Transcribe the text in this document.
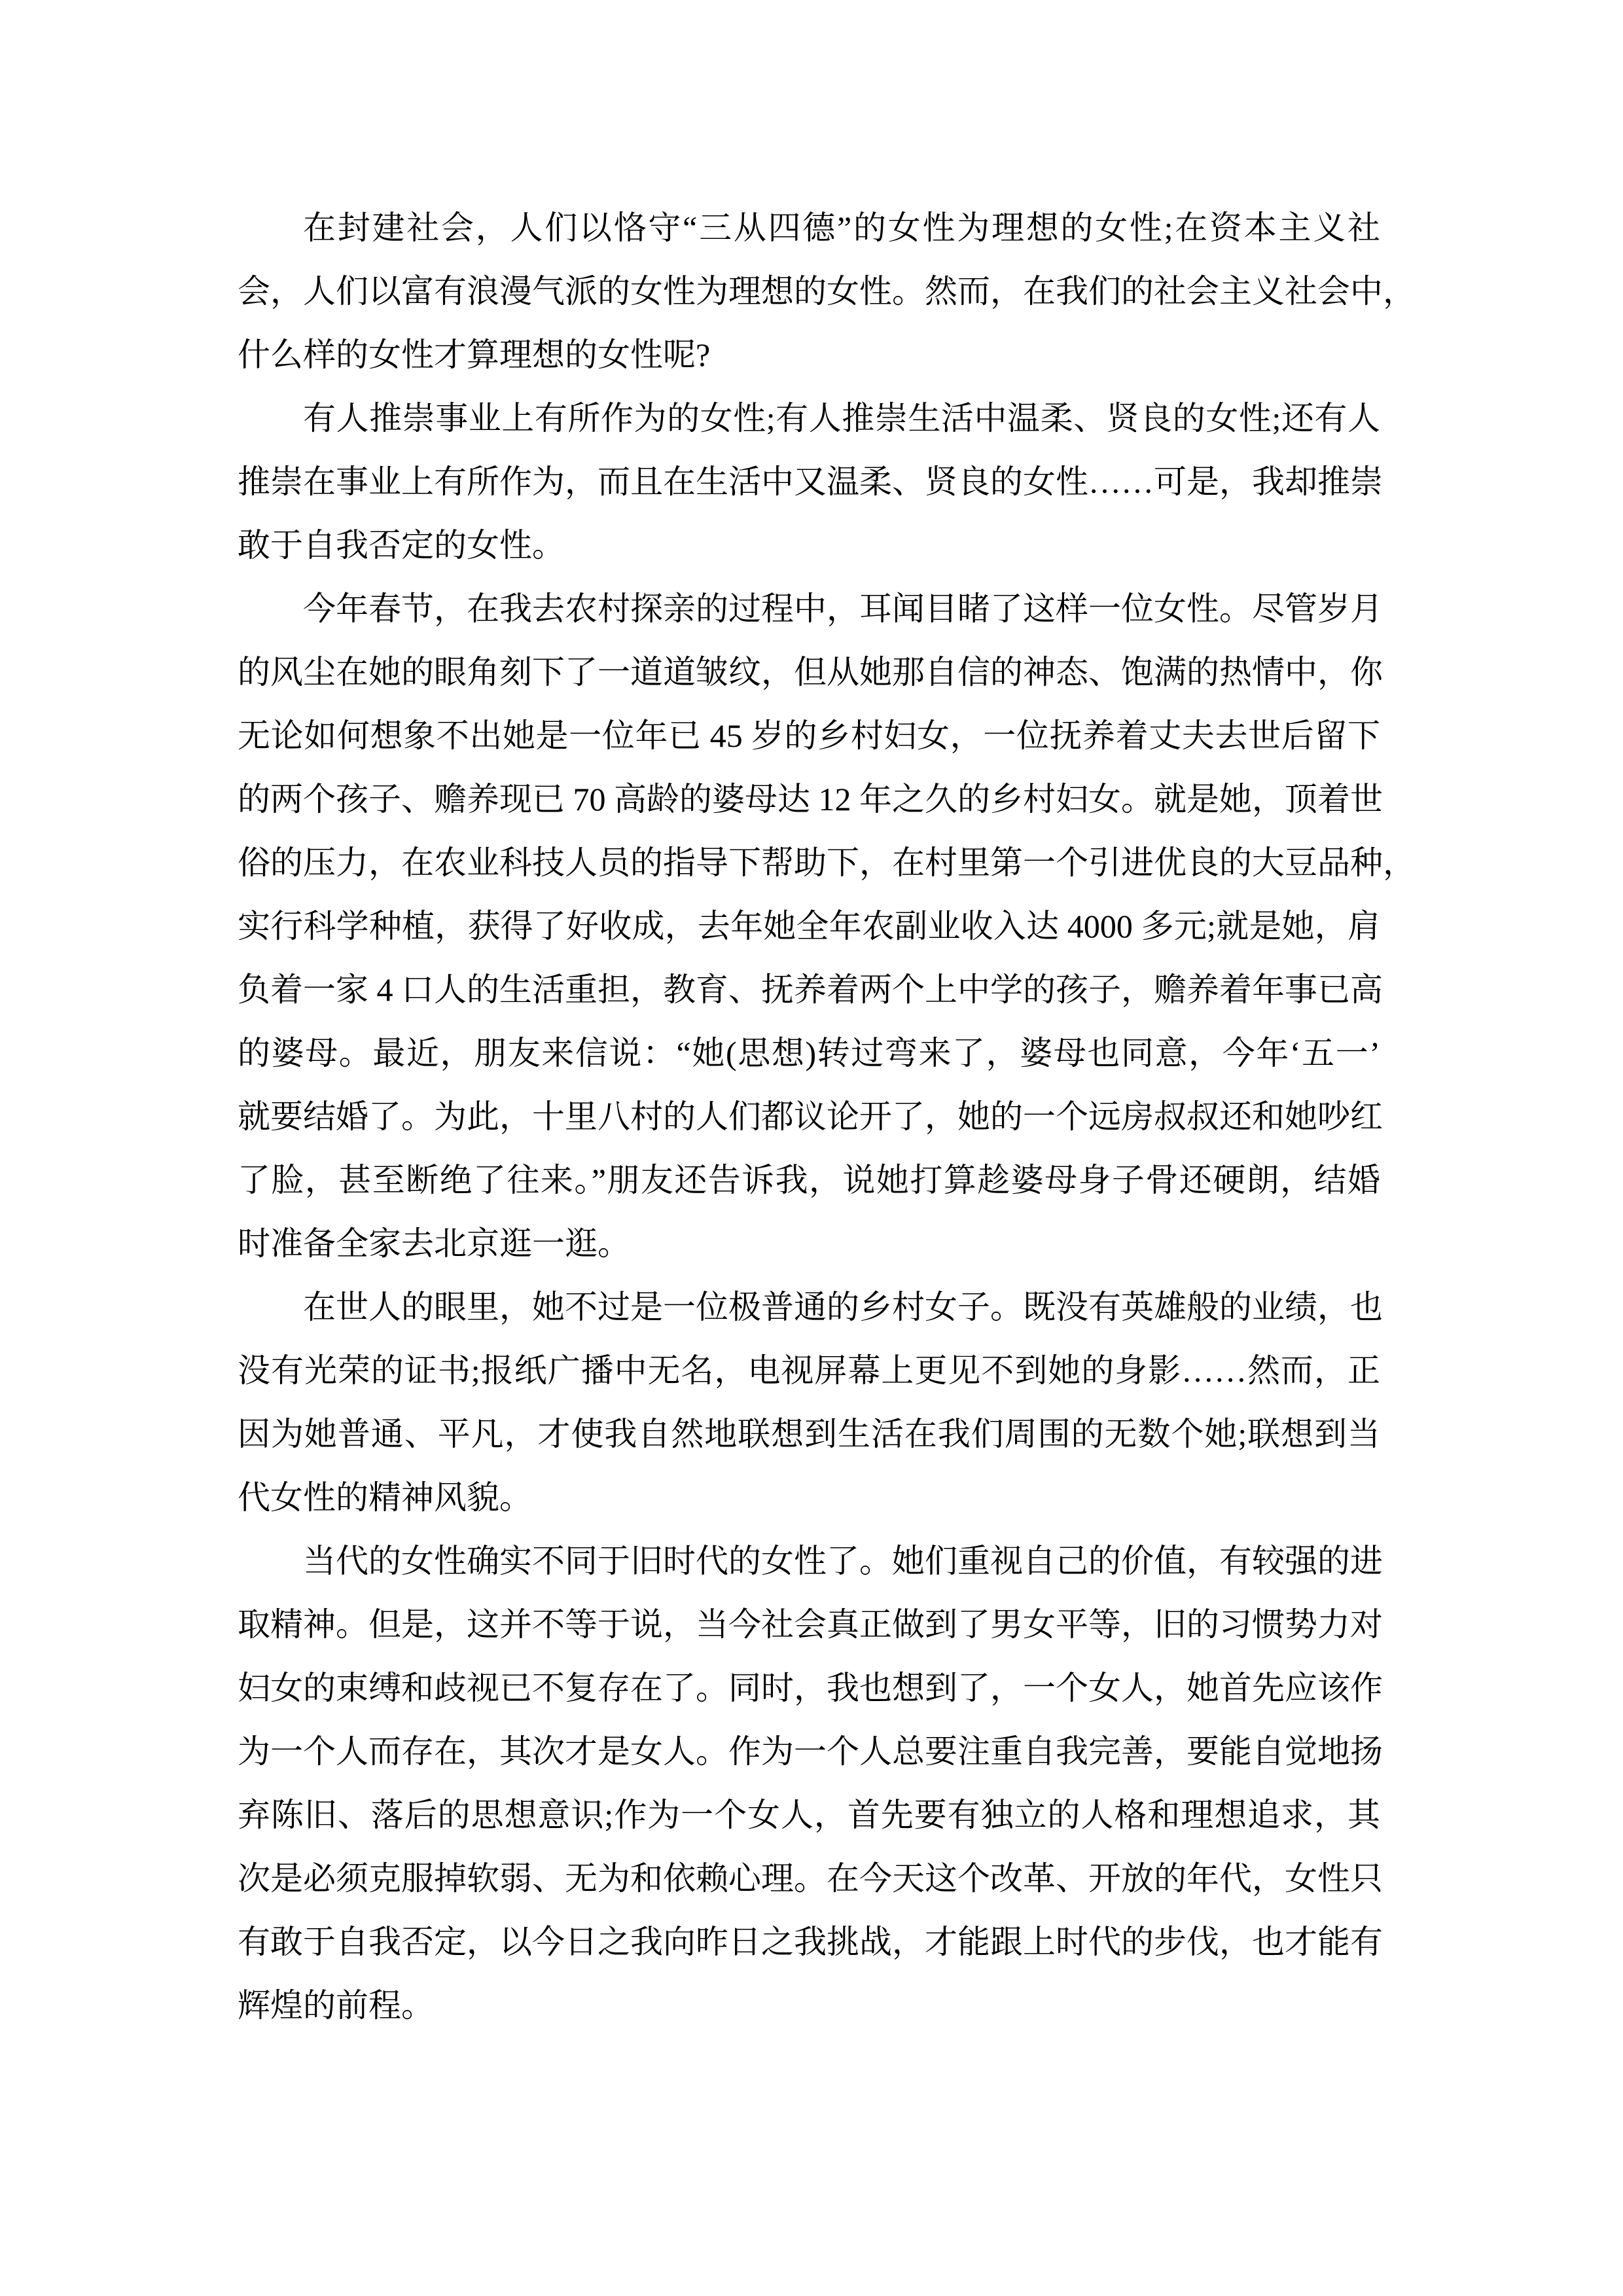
在封建社会，人们以恪守“三从四德”的女性为理想的女性;在资本主义社
会，人们以富有浪漫气派的女性为理想的女性。然而，在我们的社会主义社会中，
什么样的女性才算理想的女性呢?

有人推崇事业上有所作为的女性;有人推崇生活中温柔、贤良的女性;还有人
推崇在事业上有所作为，而且在生活中又温柔、贤良的女性……可是，我却推崇
敢于自我否定的女性。

今年春节，在我去农村探亲的过程中，耳闻目睹了这样一位女性。尽管岁月
的风尘在她的眼角刻下了一道道皱纹，但从她那自信的神态、饱满的热情中，你
无论如何想象不出她是一位年已 45 岁的乡村妇女，一位抚养着丈夫去世后留下
的两个孩子、赡养现已 70 高龄的婆母达 12 年之久的乡村妇女。就是她，顶着世
俗的压力，在农业科技人员的指导下帮助下，在村里第一个引进优良的大豆品种，
实行科学种植，获得了好收成，去年她全年农副业收入达 4000 多元;就是她，肩
负着一家 4 口人的生活重担，教育、抚养着两个上中学的孩子，赡养着年事已高
的婆母。最近，朋友来信说：“她(思想)转过弯来了，婆母也同意，今年‘五一’
就要结婚了。为此，十里八村的人们都议论开了，她的一个远房叔叔还和她吵红
了脸，甚至断绝了往来。”朋友还告诉我，说她打算趁婆母身子骨还硬朗，结婚
时准备全家去北京逛一逛。

在世人的眼里，她不过是一位极普通的乡村女子。既没有英雄般的业绩，也
没有光荣的证书;报纸广播中无名，电视屏幕上更见不到她的身影……然而，正
因为她普通、平凡，才使我自然地联想到生活在我们周围的无数个她;联想到当
代女性的精神风貌。

当代的女性确实不同于旧时代的女性了。她们重视自己的价值，有较强的进
取精神。但是，这并不等于说，当今社会真正做到了男女平等，旧的习惯势力对
妇女的束缚和歧视已不复存在了。同时，我也想到了，一个女人，她首先应该作
为一个人而存在，其次才是女人。作为一个人总要注重自我完善，要能自觉地扬
弃陈旧、落后的思想意识;作为一个女人，首先要有独立的人格和理想追求，其
次是必须克服掉软弱、无为和依赖心理。在今天这个改革、开放的年代，女性只
有敢于自我否定，以今日之我向昨日之我挑战，才能跟上时代的步伐，也才能有
辉煌的前程。
